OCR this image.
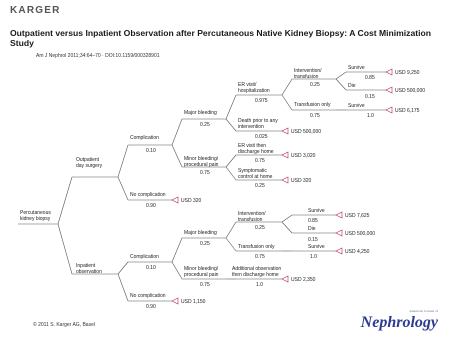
KARGER
Outpatient versus Inpatient Observation after Percutaneous Native Kidney Biopsy: A Cost Minimization Study
Am J Nephrol 2011;34:64–70 · DOI:10.1159/000328901
Percutaneous
kidney biopsy
Outpatient
day surgery
Complication
0.10
No complication
0.90
USD 320
Major bleeding
0.25
ER visit/
hospitalization
0.975
Death prior to any
intervention
0.025
USD 500,000
Intervention/
transfusion
0.25
Survive
0.85
USD 9,250
Die
0.15
USD 500,000
Transfusion only
0.75
Survive
1.0
USD 6,175
Minor bleeding/
procedural pain
0.75
ER visit then
discharge home
0.75
USD 3,020
Symptomatic
control at home
0.25
USD 320
Inpatient
observation
Complication
0.10
No complication
0.90
USD 1,150
Major bleeding
0.25
Intervention/
transfusion
0.25
Survive
0.85
USD 7,625
Die
0.15
USD 500,000
Transfusion only
0.75
Survive
1.0
USD 4,250
Minor bleeding/
procedural pain
0.75
Additional observation
then discharge home
1.0
USD 2,350
© 2011 S. Karger AG, Basel
American Journal of
Nephrology
